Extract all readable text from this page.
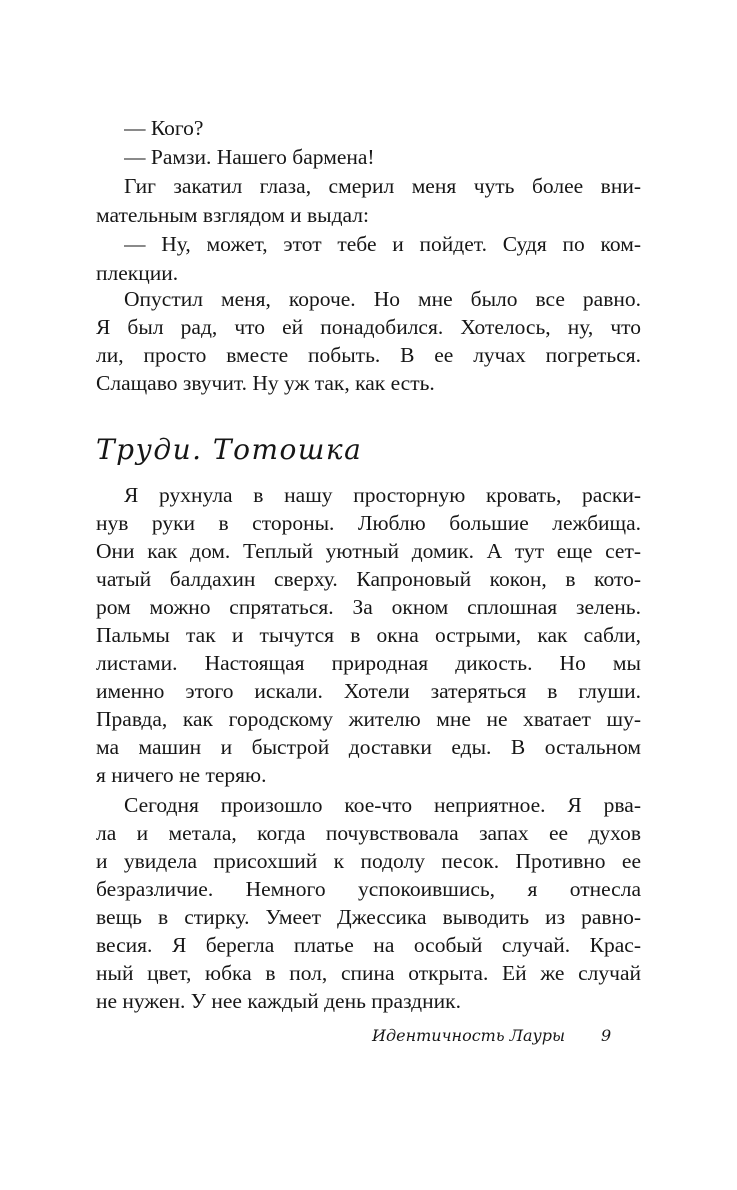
— Кого?
— Рамзи. Нашего бармена!
Гиг закатил глаза, смерил меня чуть более вни-
мательным взглядом и выдал:
— Ну, может, этот тебе и пойдет. Судя по ком-
плекции.
Опустил меня, короче. Но мне было все равно.
Я был рад, что ей понадобился. Хотелось, ну, что
ли, просто вместе побыть. В ее лучах погреться.
Слащаво звучит. Ну уж так, как есть.
Труди. Тотошка
Я рухнула в нашу просторную кровать, раски-
нув руки в стороны. Люблю большие лежбища.
Они как дом. Теплый уютный домик. А тут еще сет-
чатый балдахин сверху. Капроновый кокон, в кото-
ром можно спрятаться. За окном сплошная зелень.
Пальмы так и тычутся в окна острыми, как сабли,
листами. Настоящая природная дикость. Но мы
именно этого искали. Хотели затеряться в глуши.
Правда, как городскому жителю мне не хватает шу-
ма машин и быстрой доставки еды. В остальном
я ничего не теряю.
Сегодня произошло кое-что неприятное. Я рва-
ла и метала, когда почувствовала запах ее духов
и увидела присохший к подолу песок. Противно ее
безразличие. Немного успокоившись, я отнесла
вещь в стирку. Умеет Джессика выводить из равно-
весия. Я берегла платье на особый случай. Крас-
ный цвет, юбка в пол, спина открыта. Ей же случай
не нужен. У нее каждый день праздник.
Идентичность Лауры 9
